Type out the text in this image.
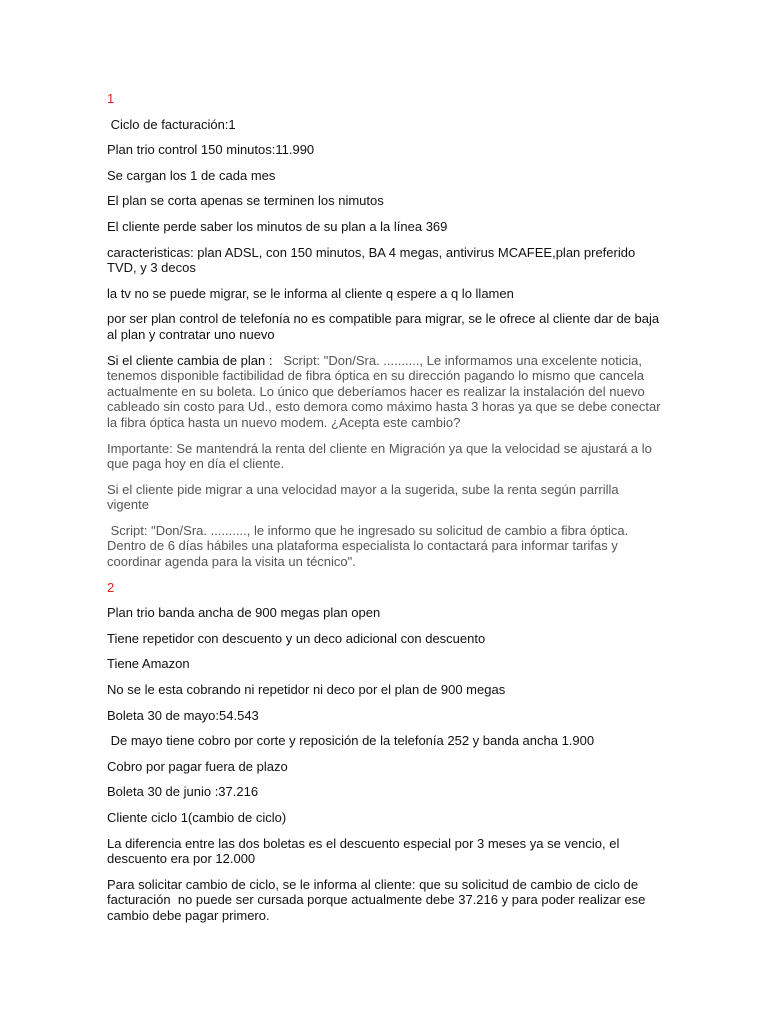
1
Ciclo de facturación:1
Plan trio control 150 minutos:11.990
Se cargan los 1 de cada mes
El plan se corta apenas se terminen los nimutos
El cliente perde saber los minutos de su plan a la línea 369
caracteristicas: plan ADSL, con 150 minutos, BA 4 megas, antivirus MCAFEE,plan preferido TVD, y 3 decos
la tv no se puede migrar, se le informa al cliente q espere a q lo llamen
por ser plan control de telefonía no es compatible para migrar, se le ofrece al cliente dar de baja al plan y contratar uno nuevo
Si el cliente cambia de plan :   Script: "Don/Sra. .........., Le informamos una excelente noticia, tenemos disponible factibilidad de fibra óptica en su dirección pagando lo mismo que cancela actualmente en su boleta. Lo único que deberíamos hacer es realizar la instalación del nuevo cableado sin costo para Ud., esto demora como máximo hasta 3 horas ya que se debe conectar la fibra óptica hasta un nuevo modem. ¿Acepta este cambio?
Importante: Se mantendrá la renta del cliente en Migración ya que la velocidad se ajustará a lo que paga hoy en día el cliente.
Si el cliente pide migrar a una velocidad mayor a la sugerida, sube la renta según parrilla vigente
Script: "Don/Sra. .........., le informo que he ingresado su solicitud de cambio a fibra óptica. Dentro de 6 días hábiles una plataforma especialista lo contactará para informar tarifas y coordinar agenda para la visita un técnico".
2
Plan trio banda ancha de 900 megas plan open
Tiene repetidor con descuento y un deco adicional con descuento
Tiene Amazon
No se le esta cobrando ni repetidor ni deco por el plan de 900 megas
Boleta 30 de mayo:54.543
De mayo tiene cobro por corte y reposición de la telefonía 252 y banda ancha 1.900
Cobro por pagar fuera de plazo
Boleta 30 de junio :37.216
Cliente ciclo 1(cambio de ciclo)
La diferencia entre las dos boletas es el descuento especial por 3 meses ya se vencio, el descuento era por 12.000
Para solicitar cambio de ciclo, se le informa al cliente: que su solicitud de cambio de ciclo de facturación  no puede ser cursada porque actualmente debe 37.216 y para poder realizar ese cambio debe pagar primero.
